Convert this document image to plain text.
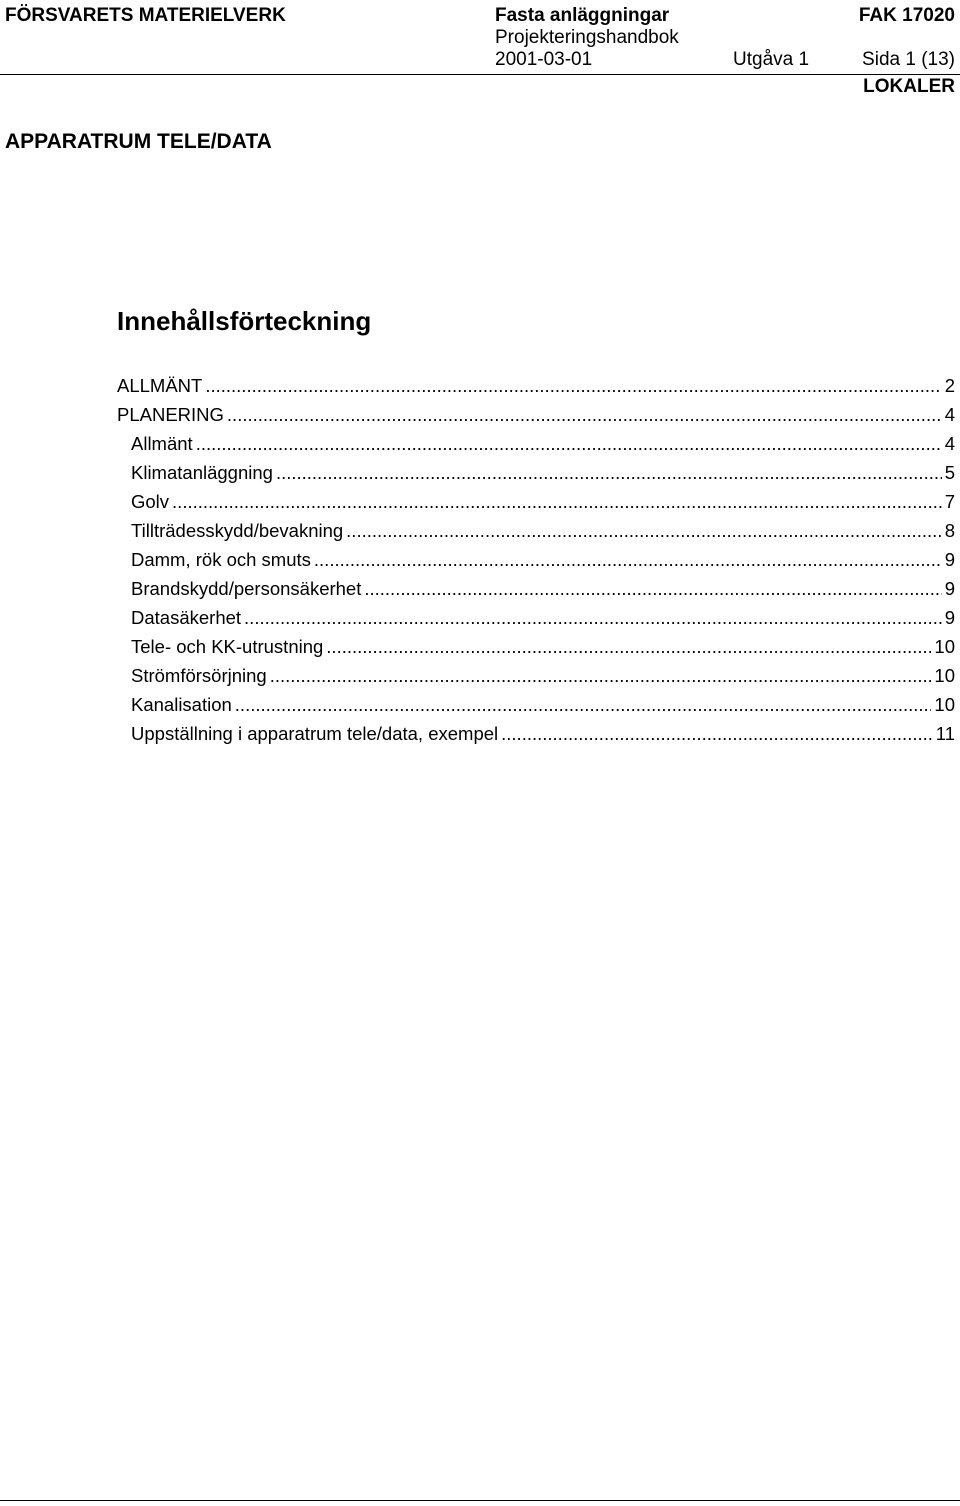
FÖRSVARETS MATERIELVERK	Fasta anläggningar	FAK 17020
Projekteringshandbok
2001-03-01	Utgåva 1	Sida 1 (13)
LOKALER
APPARATRUM TELE/DATA
Innehållsförteckning
ALLMÄNT .....	2
PLANERING .....	4
Allmänt .....	4
Klimatanläggning .....	5
Golv .....	7
Tillträdesskydd/bevakning .....	8
Damm, rök och smuts .....	9
Brandskydd/personsäkerhet .....	9
Datasäkerhet .....	9
Tele- och KK-utrustning .....	10
Strömförsörjning .....	10
Kanalisation .....	10
Uppställning i apparatrum tele/data, exempel .....	11
